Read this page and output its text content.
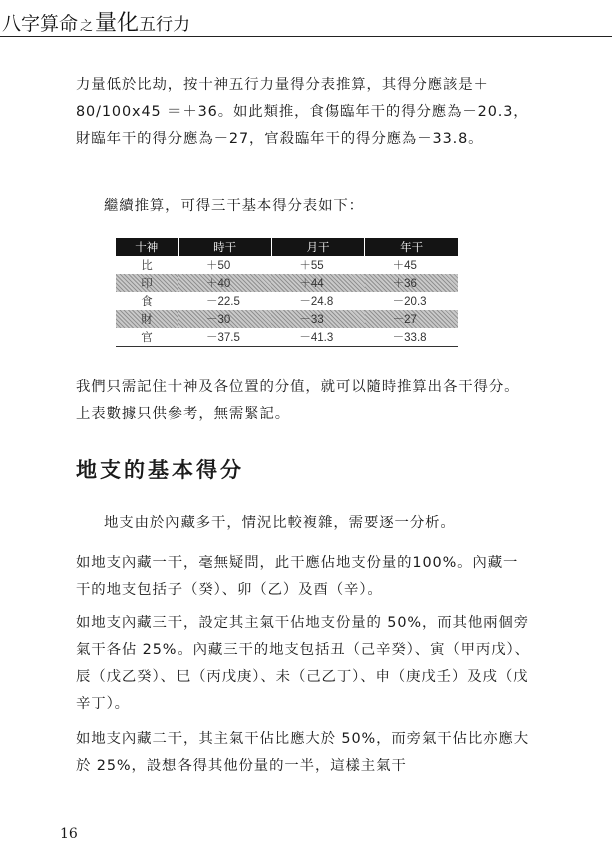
八字算命 之量化五行力

力量低於比劫，按十神五行力量得分表推算，其得分應該是＋80/100x45 ＝＋36。如此類推，食傷臨年干的得分應為－20.3，財臨年干的得分應為－27，官殺臨年干的得分應為－33.8。

繼續推算，可得三干基本得分表如下：

十神	時干	月干	年干
比	＋50	＋55	＋45
印	＋40	＋44	＋36
食	－22.5	－24.8	－20.3
財	－30	－33	－27
官	－37.5	－41.3	－33.8

我們只需記住十神及各位置的分值，就可以隨時推算出各干得分。上表數據只供參考，無需緊記。

地支的基本得分

地支由於內藏多干，情況比較複雜，需要逐一分析。

如地支內藏一干，毫無疑問，此干應佔地支份量的100%。內藏一干的地支包括子（癸）、卯（乙）及酉（辛）。

如地支內藏三干，設定其主氣干佔地支份量的 50%，而其他兩個旁氣干各佔 25%。內藏三干的地支包括丑（己辛癸）、寅（甲丙戊）、辰（戊乙癸）、巳（丙戊庚）、未（己乙丁）、申（庚戊壬）及戌（戊辛丁）。

如地支內藏二干，其主氣干佔比應大於 50%，而旁氣干佔比亦應大於 25%，設想各得其他份量的一半，這樣主氣干

16
